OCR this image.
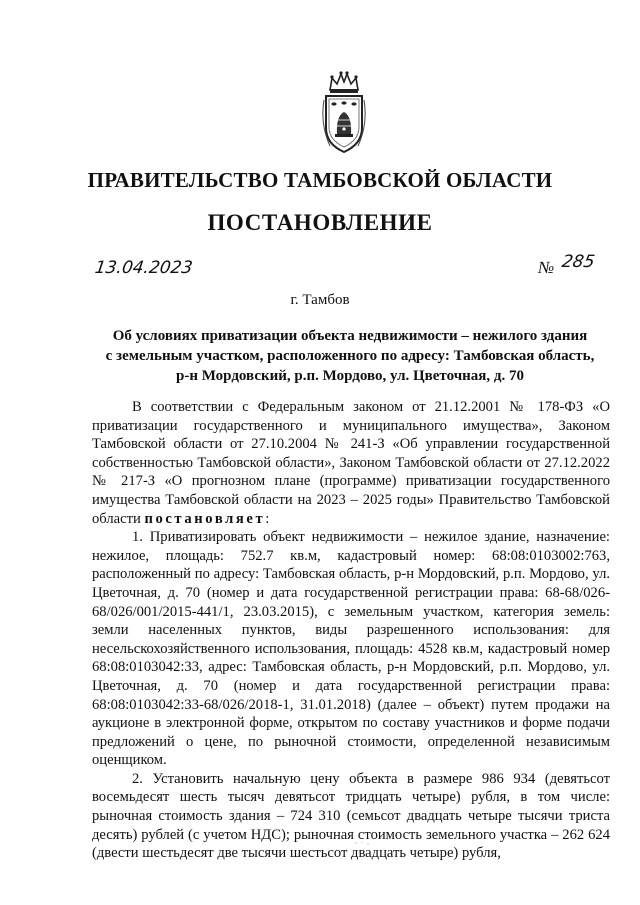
ПРАВИТЕЛЬСТВО ТАМБОВСКОЙ ОБЛАСТИ
ПОСТАНОВЛЕНИЕ
13.04.2023	№ 285
г. Тамбов

Об условиях приватизации объекта недвижимости – нежилого здания
с земельным участком, расположенного по адресу: Тамбовская область,
р-н Мордовский, р.п. Мордово, ул. Цветочная, д. 70

В соответствии с Федеральным законом от 21.12.2001 № 178-ФЗ «О приватизации государственного и муниципального имущества», Законом Тамбовской области от 27.10.2004 № 241-З «Об управлении государственной собственностью Тамбовской области», Законом Тамбовской области от 27.12.2022 № 217-З «О прогнозном плане (программе) приватизации государственного имущества Тамбовской области на 2023 – 2025 годы» Правительство Тамбовской области постановляет:

1. Приватизировать объект недвижимости – нежилое здание, назначение: нежилое, площадь: 752.7 кв.м, кадастровый номер: 68:08:0103002:763, расположенный по адресу: Тамбовская область, р-н Мордовский, р.п. Мордово, ул. Цветочная, д. 70 (номер и дата государственной регистрации права: 68-68/026-68/026/001/2015-441/1, 23.03.2015), с земельным участком, категория земель: земли населенных пунктов, виды разрешенного использования: для несельскохозяйственного использования, площадь: 4528 кв.м, кадастровый номер 68:08:0103042:33, адрес: Тамбовская область, р-н Мордовский, р.п. Мордово, ул. Цветочная, д. 70 (номер и дата государственной регистрации права: 68:08:0103042:33-68/026/2018-1, 31.01.2018) (далее – объект) путем продажи на аукционе в электронной форме, открытом по составу участников и форме подачи предложений о цене, по рыночной стоимости, определенной независимым оценщиком.

2. Установить начальную цену объекта в размере 986 934 (девятьсот восемьдесят шесть тысяч девятьсот тридцать четыре) рубля, в том числе: рыночная стоимость здания – 724 310 (семьсот двадцать четыре тысячи триста десять) рублей (с учетом НДС); рыночная стоимость земельного участка – 262 624 (двести шестьдесят две тысячи шестьсот двадцать четыре) рубля,
